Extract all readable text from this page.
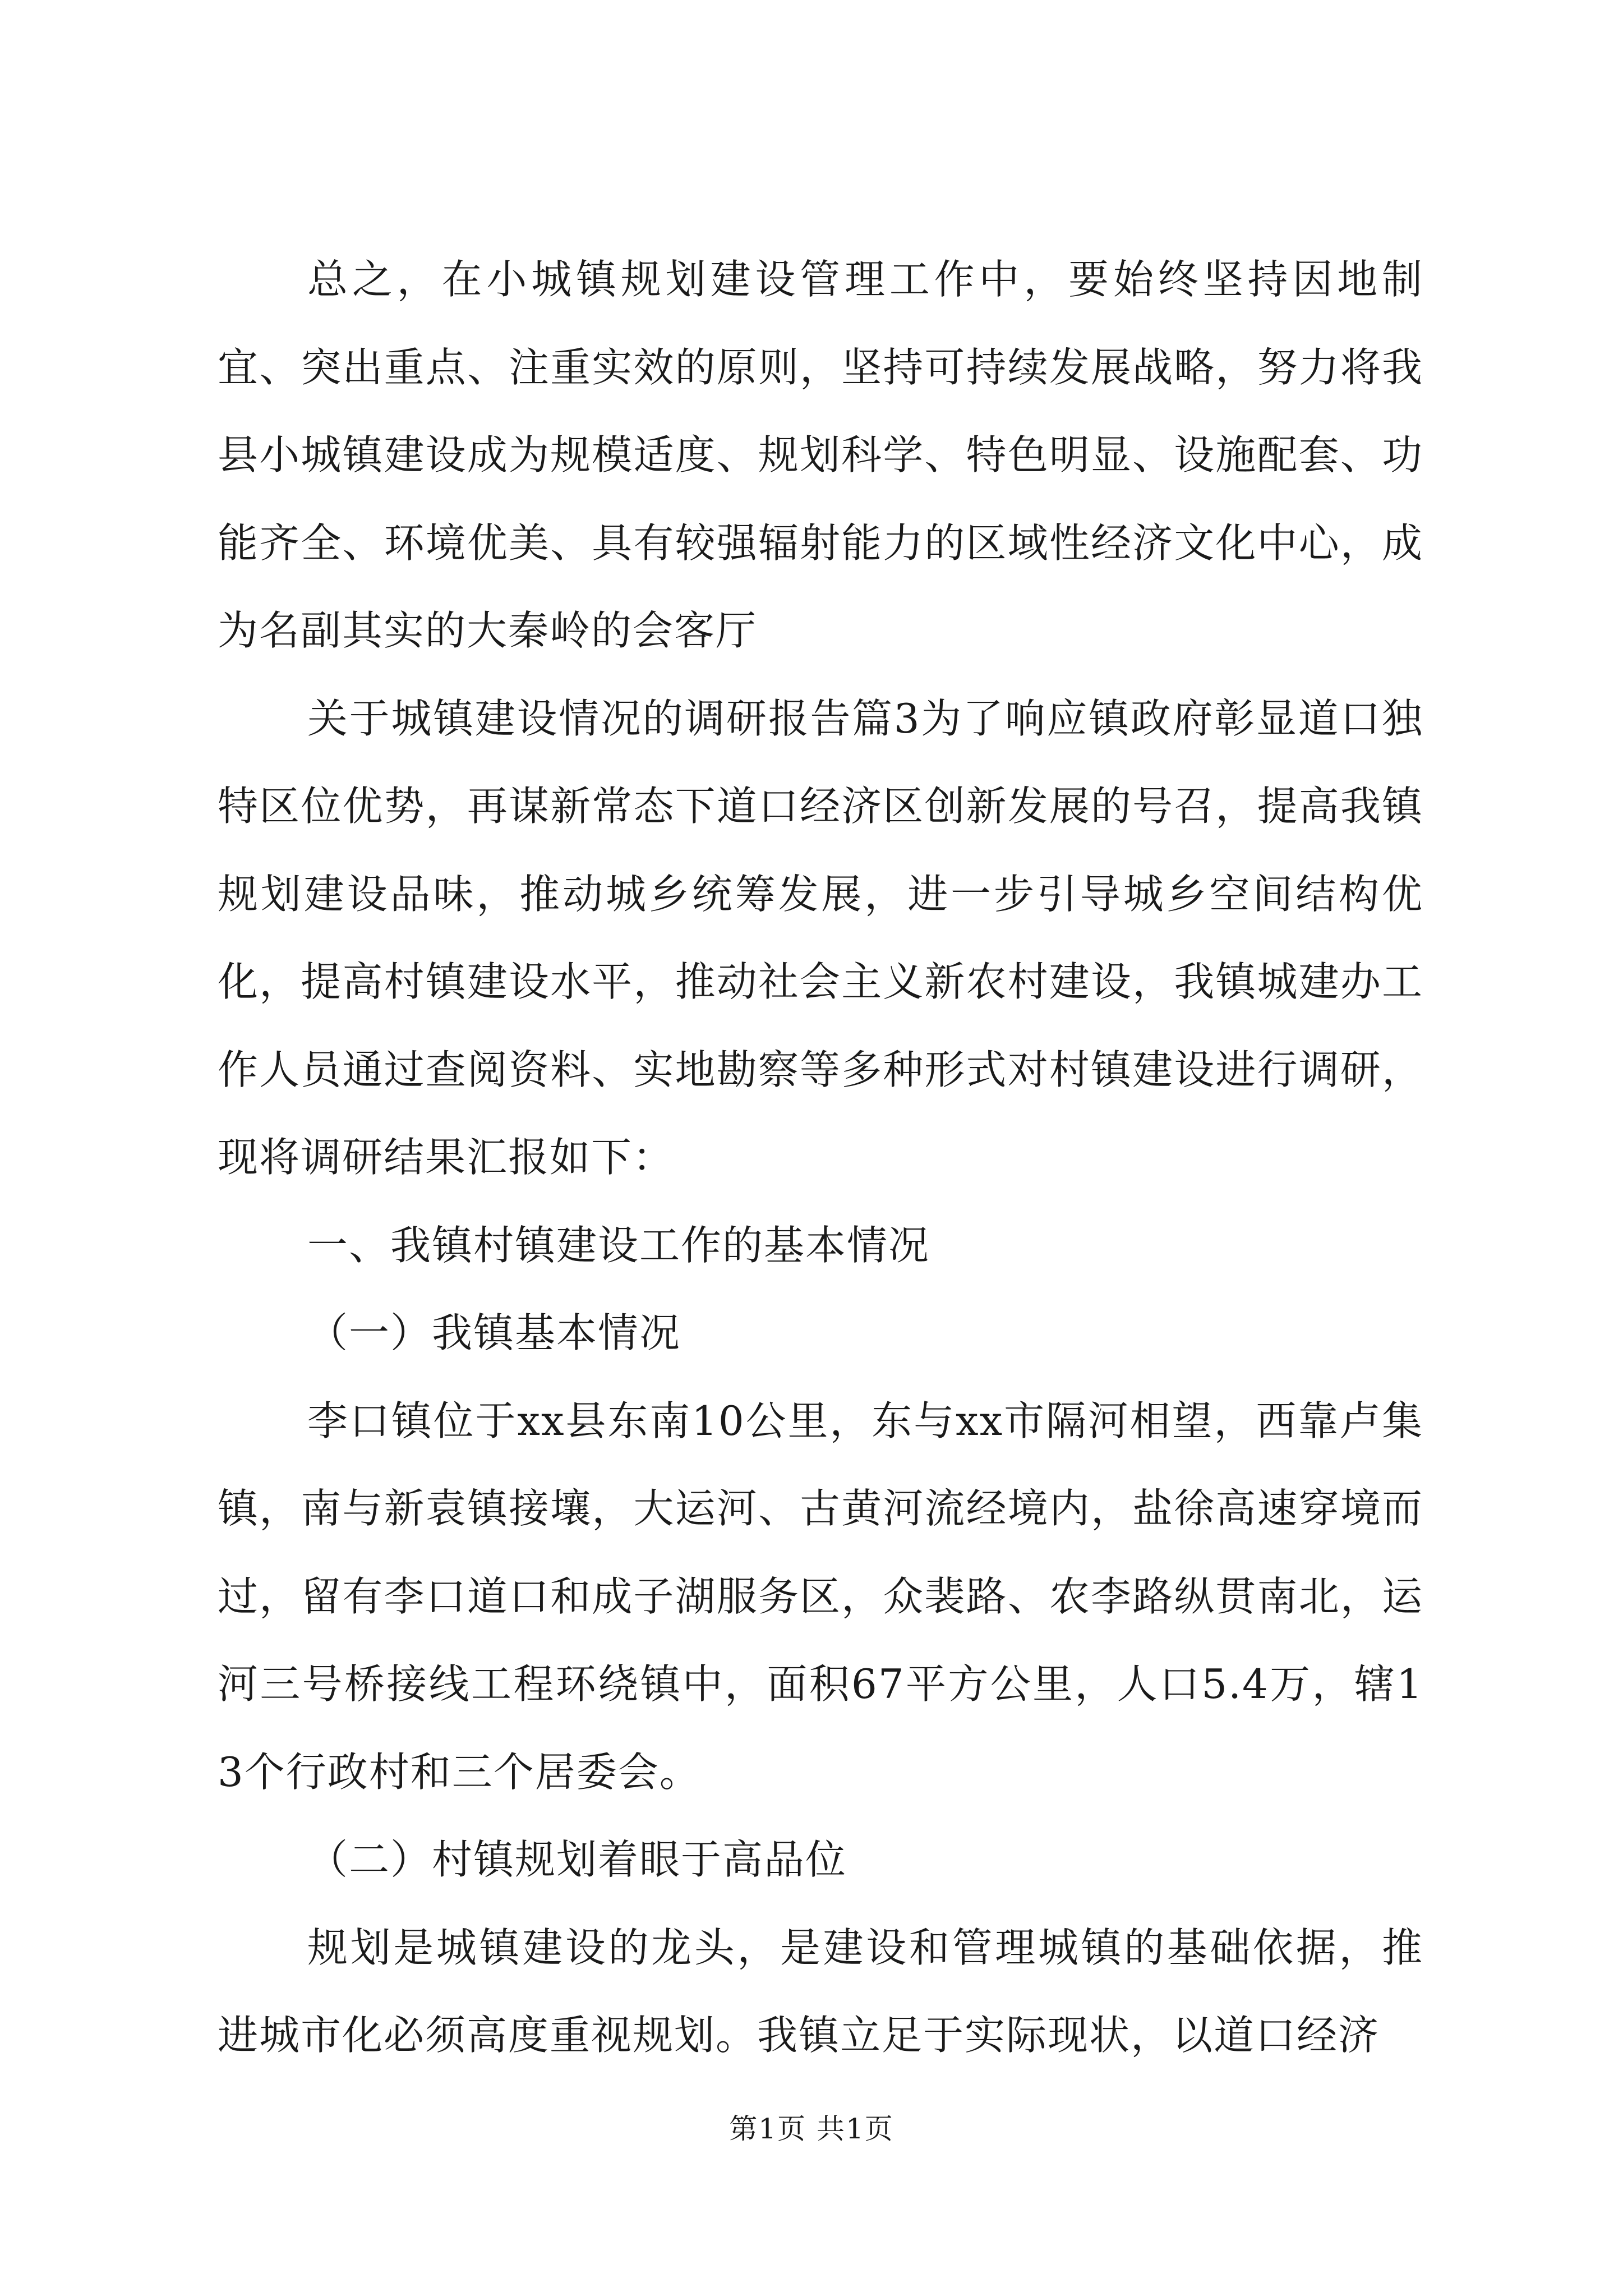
总之，在小城镇规划建设管理工作中，要始终坚持因地制宜、突出重点、注重实效的原则，坚持可持续发展战略，努力将我县小城镇建设成为规模适度、规划科学、特色明显、设施配套、功能齐全、环境优美、具有较强辐射能力的区域性经济文化中心，成为名副其实的大秦岭的会客厅

关于城镇建设情况的调研报告篇3为了响应镇政府彰显道口独特区位优势，再谋新常态下道口经济区创新发展的号召，提高我镇规划建设品味，推动城乡统筹发展，进一步引导城乡空间结构优化，提高村镇建设水平，推动社会主义新农村建设，我镇城建办工作人员通过查阅资料、实地勘察等多种形式对村镇建设进行调研，现将调研结果汇报如下：

一、我镇村镇建设工作的基本情况

（一）我镇基本情况

李口镇位于xx县东南10公里，东与xx市隔河相望，西靠卢集镇，南与新袁镇接壤，大运河、古黄河流经境内，盐徐高速穿境而过，留有李口道口和成子湖服务区，众裴路、农李路纵贯南北，运河三号桥接线工程环绕镇中，面积67平方公里，人口5.4万，辖13个行政村和三个居委会。

（二）村镇规划着眼于高品位

规划是城镇建设的龙头，是建设和管理城镇的基础依据，推进城市化必须高度重视规划。我镇立足于实际现状，以道口经济

第1页 共1页
